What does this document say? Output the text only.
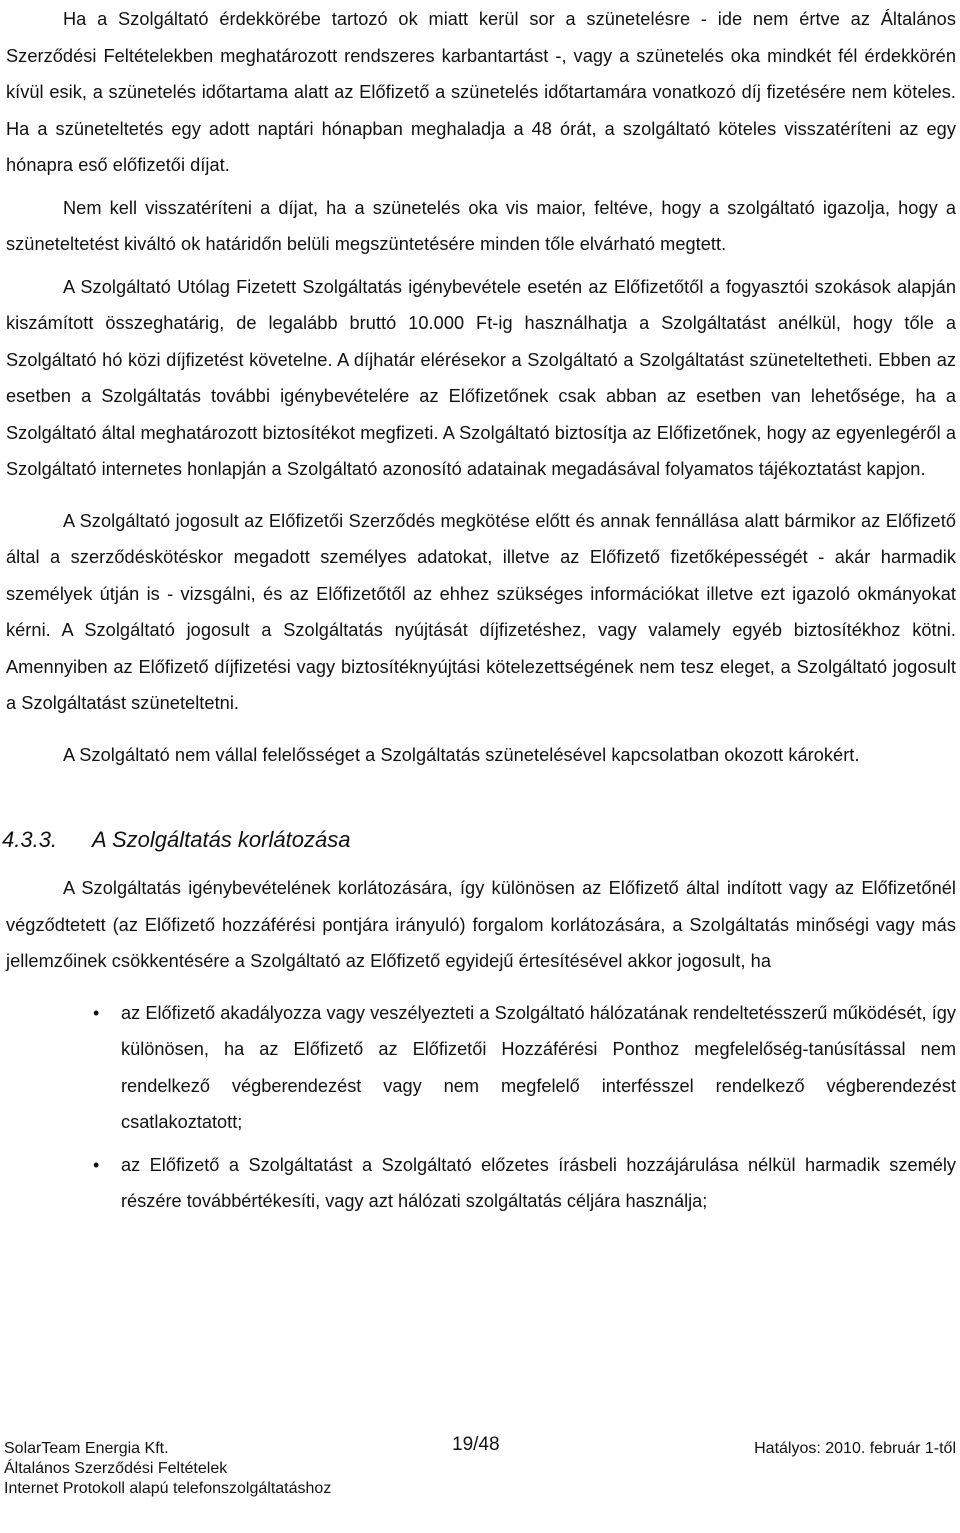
Ha a Szolgáltató érdekkörébe tartozó ok miatt kerül sor a szünetelésre - ide nem értve az Általános Szerződési Feltételekben meghatározott rendszeres karbantartást -, vagy a szünetelés oka mindkét fél érdekkörén kívül esik, a szünetelés időtartama alatt az Előfizető a szünetelés időtartamára vonatkozó díj fizetésére nem köteles. Ha a szüneteltetés egy adott naptári hónapban meghaladja a 48 órát, a szolgáltató köteles visszatéríteni az egy hónapra eső előfizetői díjat.

Nem kell visszatéríteni a díjat, ha a szünetelés oka vis maior, feltéve, hogy a szolgáltató igazolja, hogy a szüneteltetést kiváltó ok határidőn belüli megszüntetésére minden tőle elvárható megtett.

A Szolgáltató Utólag Fizetett Szolgáltatás igénybevétele esetén az Előfizetőtől a fogyasztói szokások alapján kiszámított összeghatárig, de legalább bruttó 10.000 Ft-ig használhatja a Szolgáltatást anélkül, hogy tőle a Szolgáltató hó közi díjfizetést követelne. A díjhatár elérésekor a Szolgáltató a Szolgáltatást szüneteltetheti. Ebben az esetben a Szolgáltatás további igénybevételére az Előfizetőnek csak abban az esetben van lehetősége, ha a Szolgáltató által meghatározott biztosítékot megfizeti. A Szolgáltató biztosítja az Előfizetőnek, hogy az egyenlegéről a Szolgáltató internetes honlapján a Szolgáltató azonosító adatainak megadásával folyamatos tájékoztatást kapjon.

A Szolgáltató jogosult az Előfizetői Szerződés megkötése előtt és annak fennállása alatt bármikor az Előfizető által a szerződéskötéskor megadott személyes adatokat, illetve az Előfizető fizetőképességét - akár harmadik személyek útján is - vizsgálni, és az Előfizetőtől az ehhez szükséges információkat illetve ezt igazoló okmányokat kérni. A Szolgáltató jogosult a Szolgáltatás nyújtását díjfizetéshez, vagy valamely egyéb biztosítékhoz kötni. Amennyiben az Előfizető díjfizetési vagy biztosítéknyújtási kötelezettségének nem tesz eleget, a Szolgáltató jogosult a Szolgáltatást szüneteltetni.

A Szolgáltató nem vállal felelősséget a Szolgáltatás szünetelésével kapcsolatban okozott károkért.

4.3.3.	A Szolgáltatás korlátozása

A Szolgáltatás igénybevételének korlátozására, így különösen az Előfizető által indított vagy az Előfizetőnél végződtetett (az Előfizető hozzáférési pontjára irányuló) forgalom korlátozására, a Szolgáltatás minőségi vagy más jellemzőinek csökkentésére a Szolgáltató az Előfizető egyidejű értesítésével akkor jogosult, ha

• az Előfizető akadályozza vagy veszélyezteti a Szolgáltató hálózatának rendeltetésszerű működését, így különösen, ha az Előfizető az Előfizetői Hozzáférési Ponthoz megfelelőség-tanúsítással nem rendelkező végberendezést vagy nem megfelelő interfésszel rendelkező végberendezést csatlakoztatott;
• az Előfizető a Szolgáltatást a Szolgáltató előzetes írásbeli hozzájárulása nélkül harmadik személy részére továbbértékesíti, vagy azt hálózati szolgáltatás céljára használja;
SolarTeam Energia Kft.	Hatályos: 2010. február 1-től
19/48
Általános Szerződési Feltételek
Internet Protokoll alapú telefonszolgáltatáshoz
